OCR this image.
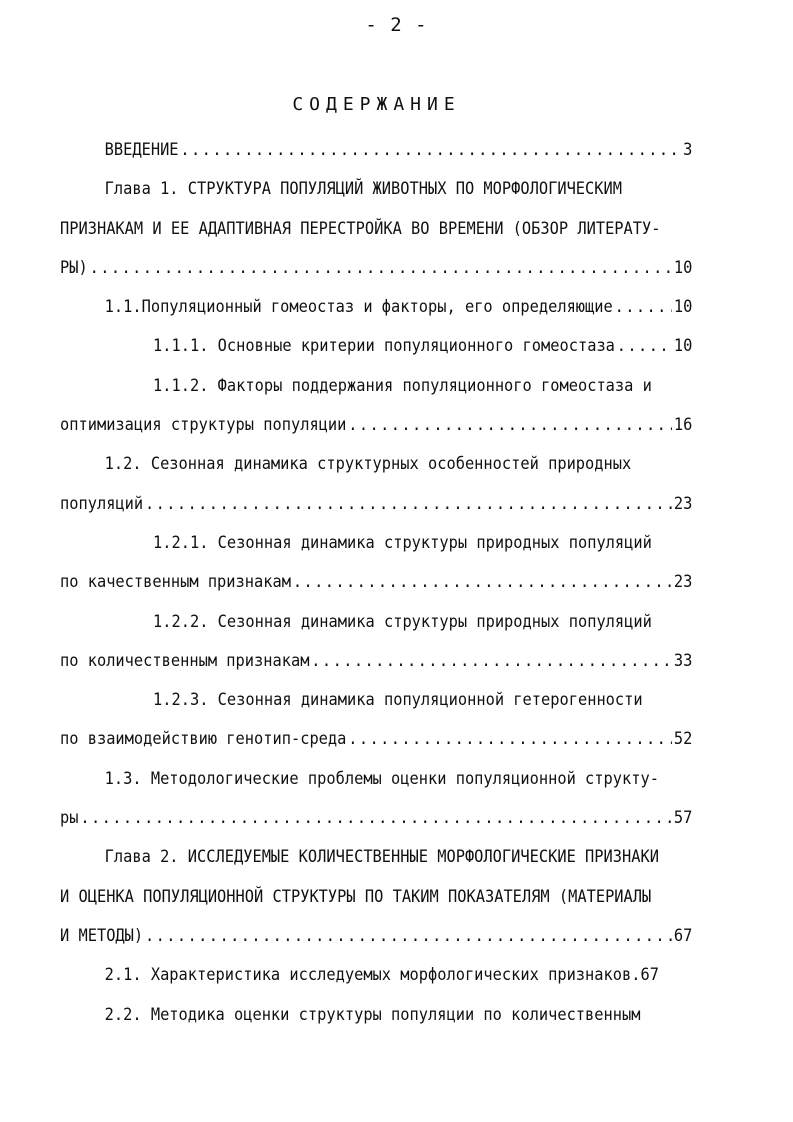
- 2 -
СОДЕРЖАНИЕ
ВВЕДЕНИЕ .....	3
Глава 1. СТРУКТУРА ПОПУЛЯЦИЙ ЖИВОТНЫХ ПО МОРФОЛОГИЧЕСКИМ
ПРИЗНАКАМ И ЕЕ АДАПТИВНАЯ ПЕРЕСТРОЙКА ВО ВРЕМЕНИ (ОБЗОР ЛИТЕРАТУ-
РЫ) .....	10
1.1.Популяционный гомеостаз и факторы, его определяющие .....	10
1.1.1. Основные критерии популяционного гомеостаза .....	10
1.1.2. Факторы поддержания популяционного гомеостаза и
оптимизация структуры популяции .....	16
1.2. Сезонная динамика структурных особенностей природных
популяций .....	23
1.2.1. Сезонная динамика структуры природных популяций
по качественным признакам .....	23
1.2.2. Сезонная динамика структуры природных популяций
по количественным признакам .....	33
1.2.3. Сезонная динамика популяционной гетерогенности
по взаимодействию генотип-среда .....	52
1.3. Методологические проблемы оценки популяционной структу-
ры .....	57
Глава 2. ИССЛЕДУЕМЫЕ КОЛИЧЕСТВЕННЫЕ МОРФОЛОГИЧЕСКИЕ ПРИЗНАКИ
И ОЦЕНКА ПОПУЛЯЦИОННОЙ СТРУКТУРЫ ПО ТАКИМ ПОКАЗАТЕЛЯМ (МАТЕРИАЛЫ
И МЕТОДЫ) .....	67
2.1. Характеристика исследуемых морфологических признаков.67
2.2. Методика оценки структуры популяции по количественным
